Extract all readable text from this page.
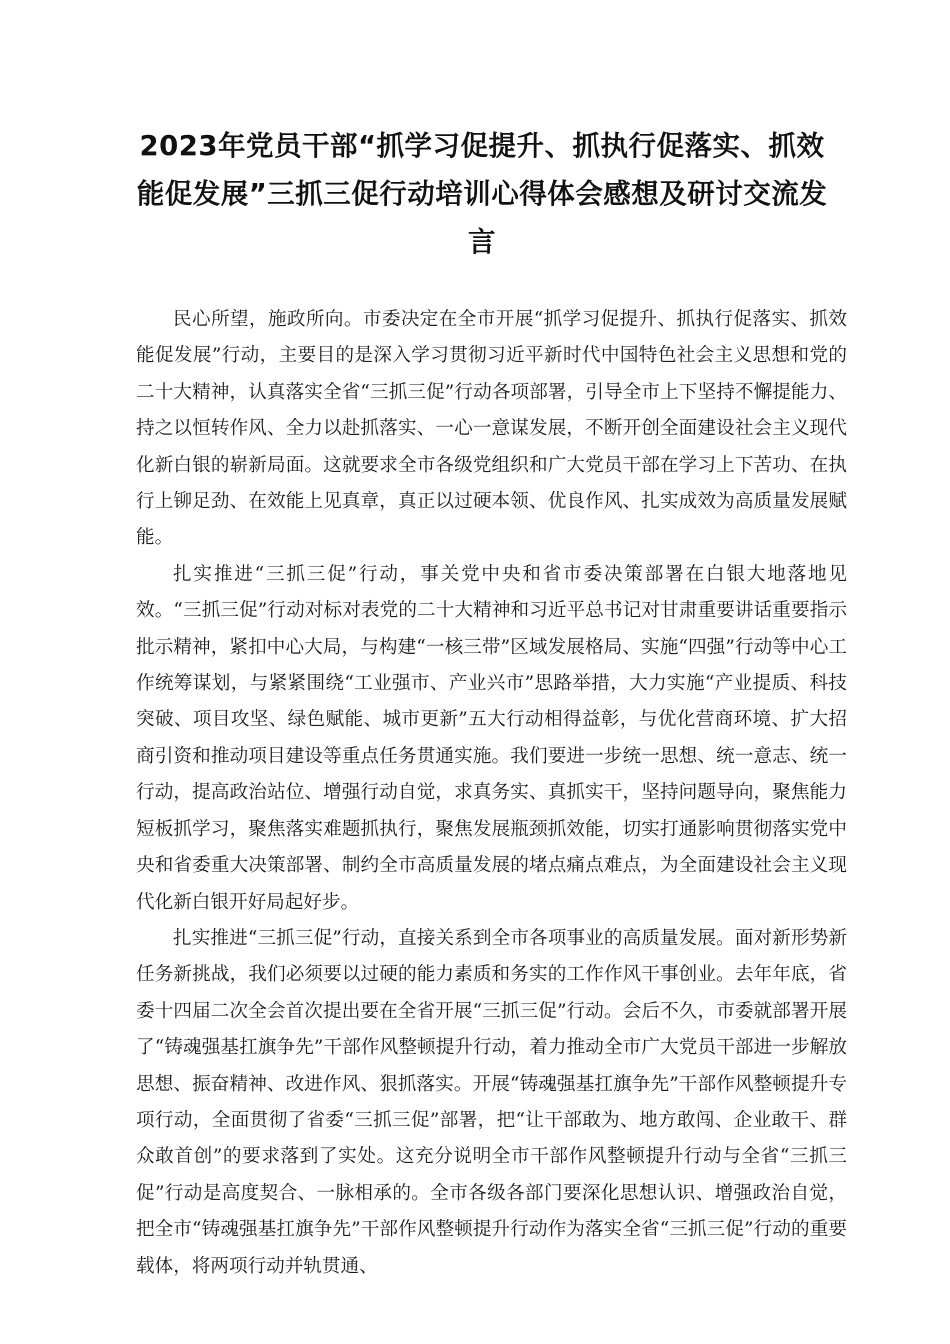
2023年党员干部“抓学习促提升、抓执行促落实、抓效能促发展”三抓三促行动培训心得体会感想及研讨交流发言

民心所望，施政所向。市委决定在全市开展“抓学习促提升、抓执行促落实、抓效能促发展”行动，主要目的是深入学习贯彻习近平新时代中国特色社会主义思想和党的二十大精神，认真落实全省“三抓三促”行动各项部署，引导全市上下坚持不懈提能力、持之以恒转作风、全力以赴抓落实、一心一意谋发展，不断开创全面建设社会主义现代化新白银的崭新局面。这就要求全市各级党组织和广大党员干部在学习上下苦功、在执行上铆足劲、在效能上见真章，真正以过硬本领、优良作风、扎实成效为高质量发展赋能。

扎实推进“三抓三促”行动，事关党中央和省市委决策部署在白银大地落地见效。“三抓三促”行动对标对表党的二十大精神和习近平总书记对甘肃重要讲话重要指示批示精神，紧扣中心大局，与构建“一核三带”区域发展格局、实施“四强”行动等中心工作统筹谋划，与紧紧围绕“工业强市、产业兴市”思路举措，大力实施“产业提质、科技突破、项目攻坚、绿色赋能、城市更新”五大行动相得益彰，与优化营商环境、扩大招商引资和推动项目建设等重点任务贯通实施。我们要进一步统一思想、统一意志、统一行动，提高政治站位、增强行动自觉，求真务实、真抓实干，坚持问题导向，聚焦能力短板抓学习，聚焦落实难题抓执行，聚焦发展瓶颈抓效能，切实打通影响贯彻落实党中央和省委重大决策部署、制约全市高质量发展的堵点痛点难点，为全面建设社会主义现代化新白银开好局起好步。

扎实推进“三抓三促”行动，直接关系到全市各项事业的高质量发展。面对新形势新任务新挑战，我们必须要以过硬的能力素质和务实的工作作风干事创业。去年年底，省委十四届二次全会首次提出要在全省开展“三抓三促”行动。会后不久，市委就部署开展了“铸魂强基扛旗争先”干部作风整顿提升行动，着力推动全市广大党员干部进一步解放思想、振奋精神、改进作风、狠抓落实。开展“铸魂强基扛旗争先”干部作风整顿提升专项行动，全面贯彻了省委“三抓三促”部署，把“让干部敢为、地方敢闯、企业敢干、群众敢首创”的要求落到了实处。这充分说明全市干部作风整顿提升行动与全省“三抓三促”行动是高度契合、一脉相承的。全市各级各部门要深化思想认识、增强政治自觉，把全市“铸魂强基扛旗争先”干部作风整顿提升行动作为落实全省“三抓三促”行动的重要载体，将两项行动并轨贯通、
